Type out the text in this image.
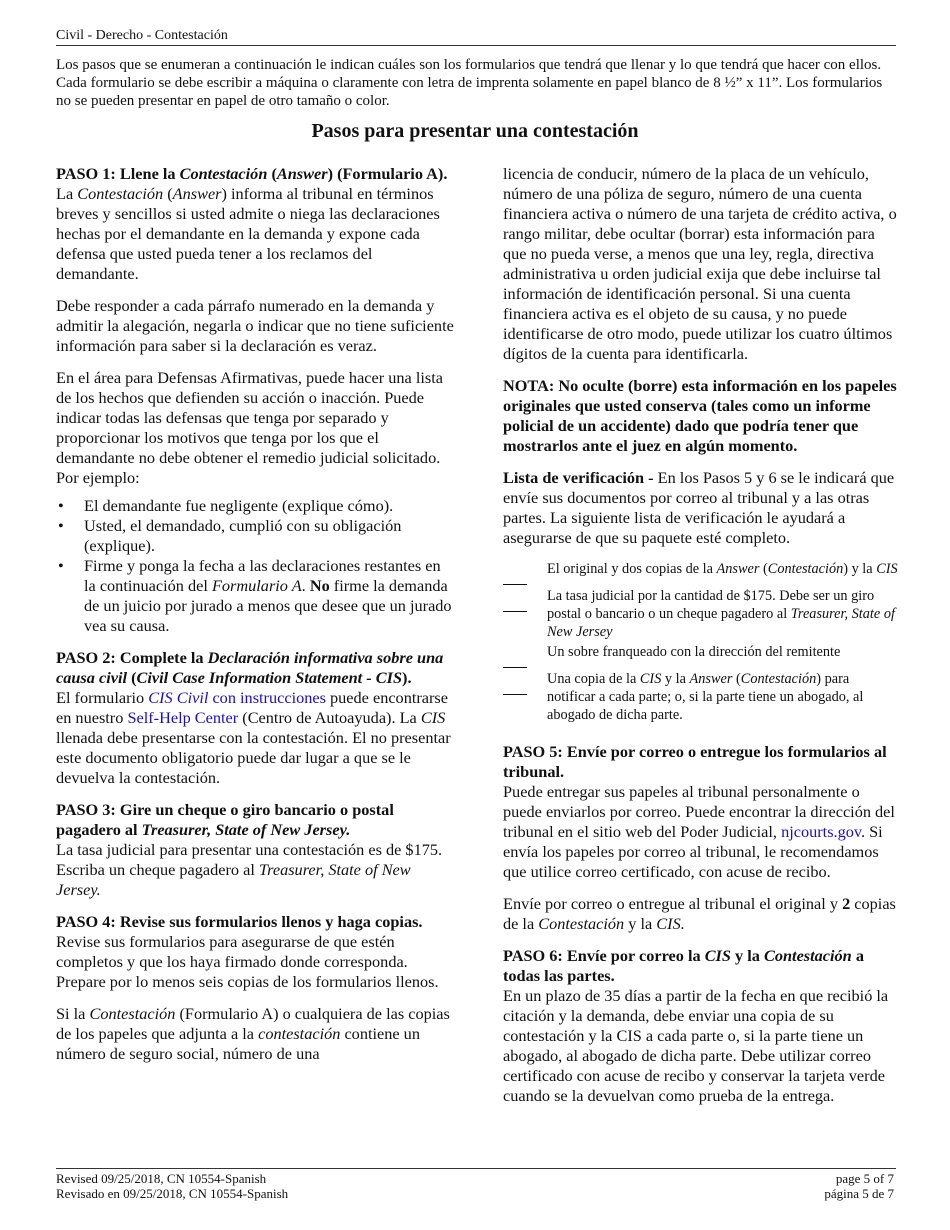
Civil - Derecho - Contestación
Los pasos que se enumeran a continuación le indican cuáles son los formularios que tendrá que llenar y lo que tendrá que hacer con ellos. Cada formulario se debe escribir a máquina o claramente con letra de imprenta solamente en papel blanco de 8 ½” x 11”. Los formularios no se pueden presentar en papel de otro tamaño o color.
Pasos para presentar una contestación

PASO 1: Llene la Contestación (Answer) (Formulario A).

La Contestación (Answer) informa al tribunal en términos breves y sencillos si usted admite o niega las declaraciones hechas por el demandante en la demanda y expone cada defensa que usted pueda tener a los reclamos del demandante.

Debe responder a cada párrafo numerado en la demanda y admitir la alegación, negarla o indicar que no tiene suficiente información para saber si la declaración es veraz.

En el área para Defensas Afirmativas, puede hacer una lista de los hechos que defienden su acción o inacción. Puede indicar todas las defensas que tenga por separado y proporcionar los motivos que tenga por los que el demandante no debe obtener el remedio judicial solicitado. Por ejemplo:

• El demandante fue negligente (explique cómo).
• Usted, el demandado, cumplió con su obligación (explique).
• Firme y ponga la fecha a las declaraciones restantes en la continuación del Formulario A. No firme la demanda de un juicio por jurado a menos que desee que un jurado vea su causa.

PASO 2: Complete la Declaración informativa sobre una causa civil (Civil Case Information Statement - CIS).

El formulario CIS Civil con instrucciones puede encontrarse en nuestro Self-Help Center (Centro de Autoayuda). La CIS llenada debe presentarse con la contestación. El no presentar este documento obligatorio puede dar lugar a que se le devuelva la contestación.

PASO 3: Gire un cheque o giro bancario o postal pagadero al Treasurer, State of New Jersey.

La tasa judicial para presentar una contestación es de $175. Escriba un cheque pagadero al Treasurer, State of New Jersey.

PASO 4: Revise sus formularios llenos y haga copias.

Revise sus formularios para asegurarse de que estén completos y que los haya firmado donde corresponda. Prepare por lo menos seis copias de los formularios llenos.

Si la Contestación (Formulario A) o cualquiera de las copias de los papeles que adjunta a la contestación contiene un número de seguro social, número de una

licencia de conducir, número de la placa de un vehículo, número de una póliza de seguro, número de una cuenta financiera activa o número de una tarjeta de crédito activa, o rango militar, debe ocultar (borrar) esta información para que no pueda verse, a menos que una ley, regla, directiva administrativa u orden judicial exija que debe incluirse tal información de identificación personal. Si una cuenta financiera activa es el objeto de su causa, y no puede identificarse de otro modo, puede utilizar los cuatro últimos dígitos de la cuenta para identificarla.

NOTA: No oculte (borre) esta información en los papeles originales que usted conserva (tales como un informe policial de un accidente) dado que podría tener que mostrarlos ante el juez en algún momento.

Lista de verificación - En los Pasos 5 y 6 se le indicará que envíe sus documentos por correo al tribunal y a las otras partes. La siguiente lista de verificación le ayudará a asegurarse de que su paquete esté completo.

El original y dos copias de la Answer (Contestación) y la CIS
La tasa judicial por la cantidad de $175. Debe ser un giro postal o bancario o un cheque pagadero al Treasurer, State of New Jersey
Un sobre franqueado con la dirección del remitente
Una copia de la CIS y la Answer (Contestación) para notificar a cada parte; o, si la parte tiene un abogado, al abogado de dicha parte.

PASO 5: Envíe por correo o entregue los formularios al tribunal.

Puede entregar sus papeles al tribunal personalmente o puede enviarlos por correo. Puede encontrar la dirección del tribunal en el sitio web del Poder Judicial, njcourts.gov. Si envía los papeles por correo al tribunal, le recomendamos que utilice correo certificado, con acuse de recibo.

Envíe por correo o entregue al tribunal el original y 2 copias de la Contestación y la CIS.

PASO 6: Envíe por correo la CIS y la Contestación a todas las partes.

En un plazo de 35 días a partir de la fecha en que recibió la citación y la demanda, debe enviar una copia de su contestación y la CIS a cada parte o, si la parte tiene un abogado, al abogado de dicha parte. Debe utilizar correo certificado con acuse de recibo y conservar la tarjeta verde cuando se la devuelvan como prueba de la entrega.

Revised 09/25/2018, CN 10554-Spanish
Revisado en 09/25/2018, CN 10554-Spanish
page 5 of 7
página 5 de 7
